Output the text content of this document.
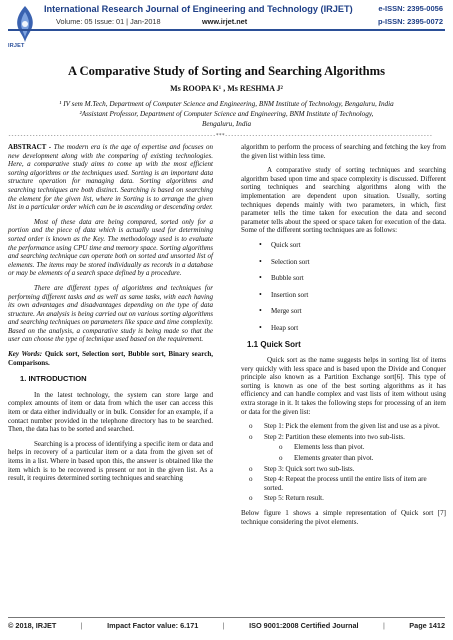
IRJET
International Research Journal of Engineering and Technology (IRJET)	e-ISSN: 2395-0056
Volume: 05 Issue: 01 | Jan-2018	www.irjet.net	p-ISSN: 2395-0072
A Comparative Study of Sorting and Searching Algorithms
Ms ROOPA K¹ , Ms RESHMA J²
¹ IV sem M.Tech, Department of Computer Science and Engineering, BNM Institute of Technology, Bengaluru, India
²Assistant Professor, Department of Computer Science and Engineering, BNM Institute of Technology,
Bengaluru, India
---------------------------------------------------------------------***---------------------------------------------------------------------

ABSTRACT - The modern era is the age of expertise and focuses on new development along with the comparing of existing technologies. Here, a comparative study aims to come up with the most efficient sorting algorithms or the techniques used. Sorting is an important data structure operation for managing data. Sorting algorithms and searching techniques are both distinct. Searching is based on searching the element for the given list, where in Sorting is to arrange the given list in a particular order which can be in ascending or descending order.

Most of these data are being compared, sorted only for a portion and the piece of data which is actually used for determining sorted order is known as the Key. The methodology used is to evaluate the performance using CPU time and memory space. Sorting algorithms and searching technique can operate both on sorted and unsorted list of elements. The items may be stored individually as records in a database or may be elements of a search space defined by a procedure.

There are different types of algorithms and techniques for performing different tasks and as well as same tasks, with each having its own advantages and disadvantages depending on the type of data structure. An analysis is being carried out on various sorting algorithms and searching techniques on parameters like space and time complexity. Based on the analysis, a comparative study is being made so that the user can choose the type of technique used based on the requirement.

Key Words: Quick sort, Selection sort, Bubble sort, Binary search, Comparisons.

1. INTRODUCTION

In the latest technology, the system can store large and complex amounts of item or data from which the user can access this item or data either individually or in bulk. Consider for an example, if a contact number provided in the telephone directory has to be searched. Then, the data has to be sorted and searched.

Searching is a process of identifying a specific item or data and helps in recovery of a particular item or a data from the given set of items in a list. Where in based upon this, the answer is obtained like the item which is to be recovered is present or not in the given list. As a result, it requires determined sorting techniques and searching

algorithm to perform the process of searching and fetching the key from the given list within less time.

A comparative study of sorting techniques and searching algorithm based upon time and space complexity is discussed. Different sorting techniques and searching algorithms along with the implementation are dependent upon situation. Usually, sorting techniques depends mainly with two parameters, in which, first parameter tells the time taken for execution the data and second parameter tells about the speed or space taken for execution of the data. Some of the different sorting techniques are as follows:

• Quick sort
• Selection sort
• Bubble sort
• Insertion sort
• Merge sort
• Heap sort
1.1 Quick Sort

Quick sort as the name suggests helps in sorting list of items very quickly with less space and is based upon the Divide and Conquer principle also known as a Partition Exchange sort[6]. This type of sorting is known as one of the best sorting algorithms as it has efficiency and can handle complex and vast lists of item without using extra storage in it. It takes the following steps for processing of an item or data for the given list:

o Step 1: Pick the element from the given list and use as a pivot.
o Step 2: Partition these elements into two sub-lists.
o Elements less than pivot.
o Elements greater than pivot.
o Step 3: Quick sort two sub-lists.
o Step 4: Repeat the process until the entire lists of item are sorted.
o Step 5: Return result.

Below figure 1 shows a simple representation of Quick sort [7] technique considering the pivot elements.

© 2018, IRJET	|	Impact Factor value: 6.171	|	ISO 9001:2008 Certified Journal	|	Page 1412
